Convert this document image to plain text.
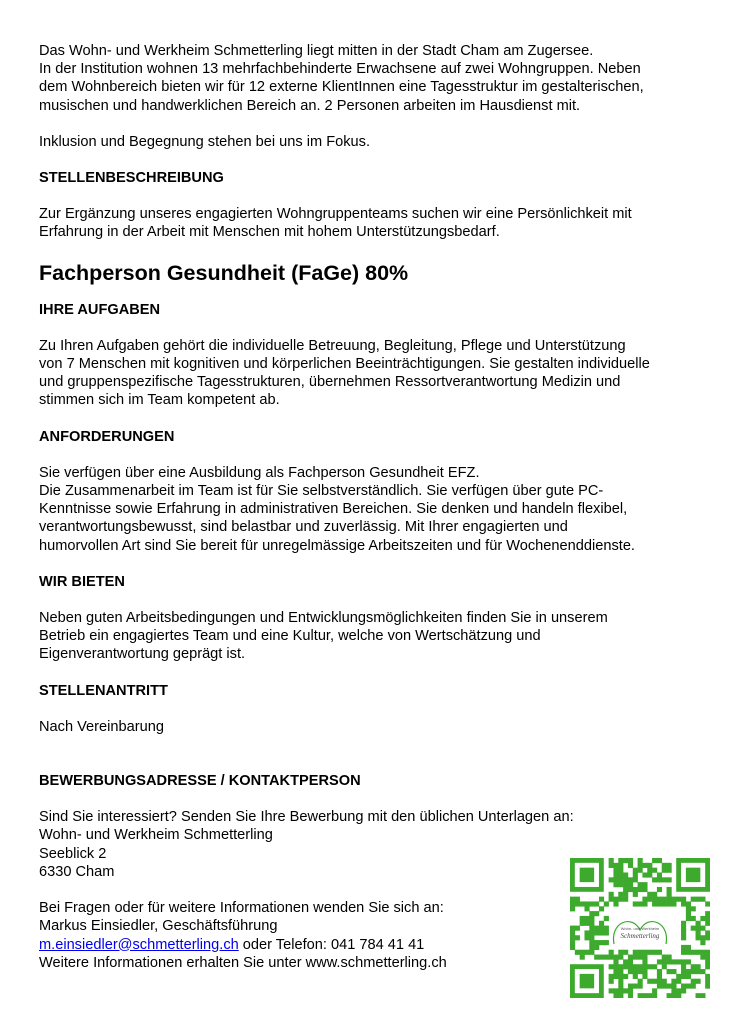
Das Wohn- und Werkheim Schmetterling liegt mitten in der Stadt Cham am Zugersee.

In der Institution wohnen 13 mehrfachbehinderte Erwachsene auf zwei Wohngruppen. Neben

dem Wohnbereich bieten wir für 12 externe KlientInnen eine Tagesstruktur im gestalterischen,

musischen und handwerklichen Bereich an. 2 Personen arbeiten im Hausdienst mit.

Inklusion und Begegnung stehen bei uns im Fokus.

STELLENBESCHREIBUNG

Zur Ergänzung unseres engagierten Wohngruppenteams suchen wir eine Persönlichkeit mit

Erfahrung in der Arbeit mit Menschen mit hohem Unterstützungsbedarf.

Fachperson Gesundheit (FaGe) 80%

IHRE AUFGABEN

Zu Ihren Aufgaben gehört die individuelle Betreuung, Begleitung, Pflege und Unterstützung

von 7 Menschen mit kognitiven und körperlichen Beeinträchtigungen. Sie gestalten individuelle

und gruppenspezifische Tagesstrukturen, übernehmen Ressortverantwortung Medizin und

stimmen sich im Team kompetent ab.

ANFORDERUNGEN

Sie verfügen über eine Ausbildung als Fachperson Gesundheit EFZ.

Die Zusammenarbeit im Team ist für Sie selbstverständlich. Sie verfügen über gute PC-

Kenntnisse sowie Erfahrung in administrativen Bereichen. Sie denken und handeln flexibel,

verantwortungsbewusst, sind belastbar und zuverlässig. Mit Ihrer engagierten und

humorvollen Art sind Sie bereit für unregelmässige Arbeitszeiten und für Wochenenddienste.

WIR BIETEN

Neben guten Arbeitsbedingungen und Entwicklungsmöglichkeiten finden Sie in unserem

Betrieb ein engagiertes Team und eine Kultur, welche von Wertschätzung und

Eigenverantwortung geprägt ist.

STELLENANTRITT

Nach Vereinbarung

BEWERBUNGSADRESSE / KONTAKTPERSON

Sind Sie interessiert? Senden Sie Ihre Bewerbung mit den üblichen Unterlagen an:

Wohn- und Werkheim Schmetterling

Seeblick 2

6330 Cham

Bei Fragen oder für weitere Informationen wenden Sie sich an:

Markus Einsiedler, Geschäftsführung

m.einsiedler@schmetterling.ch oder Telefon: 041 784 41 41

Weitere Informationen erhalten Sie unter www.schmetterling.ch

Wohn- und Werkheim
Schmetterling
